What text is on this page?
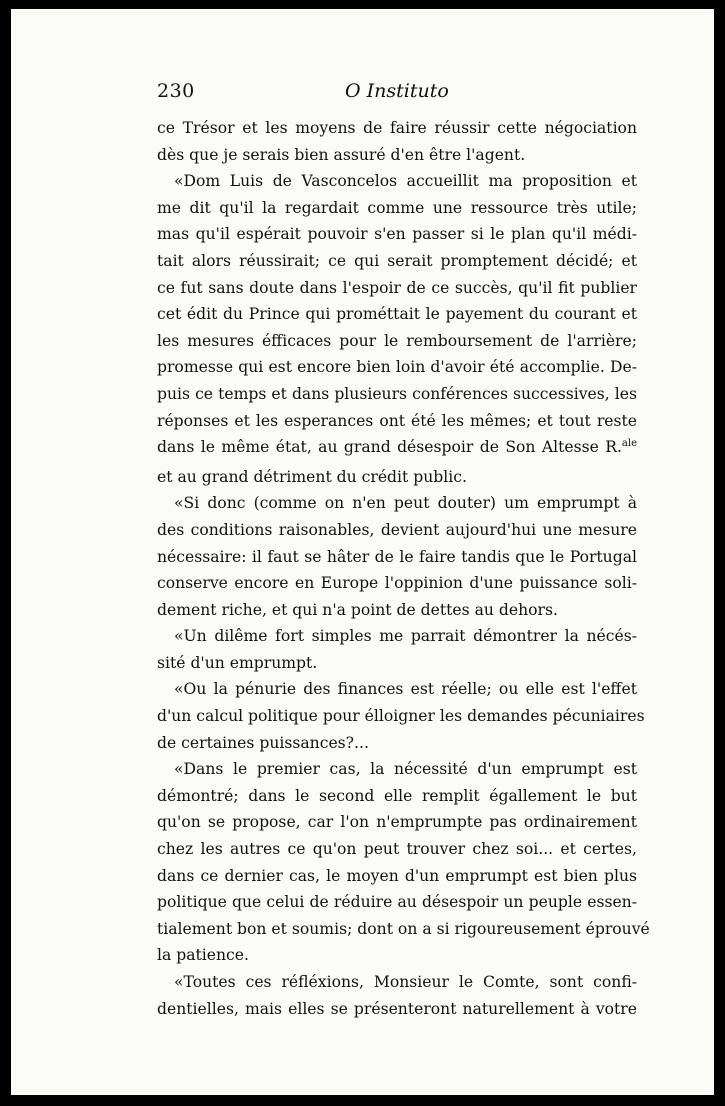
230	O Instituto

ce Trésor et les moyens de faire réussir cette négociation

dès que je serais bien assuré d'en être l'agent.

«Dom Luis de Vasconcelos accueillit ma proposition et

me dit qu'il la regardait comme une ressource très utile;

mas qu'il espérait pouvoir s'en passer si le plan qu'il médi-

tait alors réussirait; ce qui serait promptement décidé; et

ce fut sans doute dans l'espoir de ce succès, qu'il fit publier

cet édit du Prince qui prométtait le payement du courant et

les mesures éfficaces pour le remboursement de l'arrière;

promesse qui est encore bien loin d'avoir été accomplie. De-

puis ce temps et dans plusieurs conférences successives, les

réponses et les esperances ont été les mêmes; et tout reste

dans le même état, au grand désespoir de Son Altesse R.$^{ale}$

et au grand détriment du crédit public.

«Si donc (comme on n'en peut douter) um emprumpt à

des conditions raisonables, devient aujourd'hui une mesure

nécessaire: il faut se hâter de le faire tandis que le Portugal

conserve encore en Europe l'oppinion d'une puissance soli-

dement riche, et qui n'a point de dettes au dehors.

«Un dilême fort simples me parrait démontrer la nécés-

sité d'un emprumpt.

«Ou la pénurie des finances est réelle; ou elle est l'effet

d'un calcul politique pour élloigner les demandes pécuniaires

de certaines puissances?...

«Dans le premier cas, la nécessité d'un emprumpt est

démontré; dans le second elle remplit égallement le but

qu'on se propose, car l'on n'emprumpte pas ordinairement

chez les autres ce qu'on peut trouver chez soi... et certes,

dans ce dernier cas, le moyen d'un emprumpt est bien plus

politique que celui de réduire au désespoir un peuple essen-

tialement bon et soumis; dont on a si rigoureusement éprouvé

la patience.

«Toutes ces réfléxions, Monsieur le Comte, sont confi-

dentielles, mais elles se présenteront naturellement à votre
